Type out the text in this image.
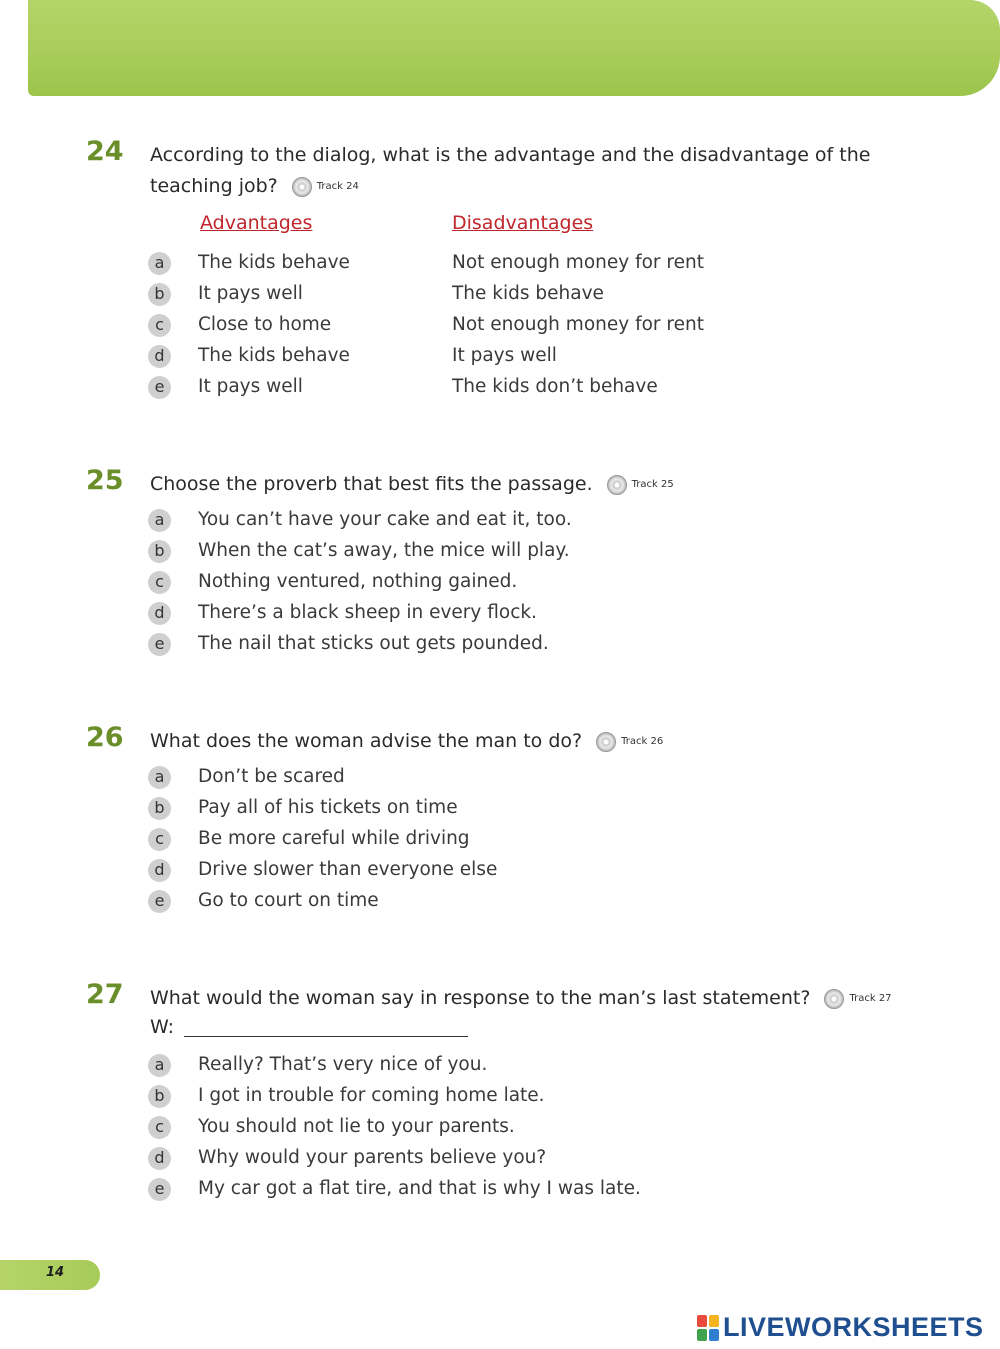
24 According to the dialog, what is the advantage and the disadvantage of the
teaching job?	Track 24
Advantages	Disadvantages
a	The kids behave	Not enough money for rent
b	It pays well	The kids behave
c	Close to home	Not enough money for rent
d	The kids behave	It pays well
e	It pays well	The kids don’t behave
25 Choose the proverb that best fits the passage.	Track 25
a	You can’t have your cake and eat it, too.
b	When the cat’s away, the mice will play.
c	Nothing ventured, nothing gained.
d	There’s a black sheep in every flock.
e	The nail that sticks out gets pounded.
26 What does the woman advise the man to do?	Track 26
a	Don’t be scared
b	Pay all of his tickets on time
c	Be more careful while driving
d	Drive slower than everyone else
e	Go to court on time
27 What would the woman say in response to the man’s last statement?	Track 27
W:
a	Really? That’s very nice of you.
b	I got in trouble for coming home late.
c	You should not lie to your parents.
d	Why would your parents believe you?
e	My car got a flat tire, and that is why I was late.
14
LIVEWORKSHEETS
